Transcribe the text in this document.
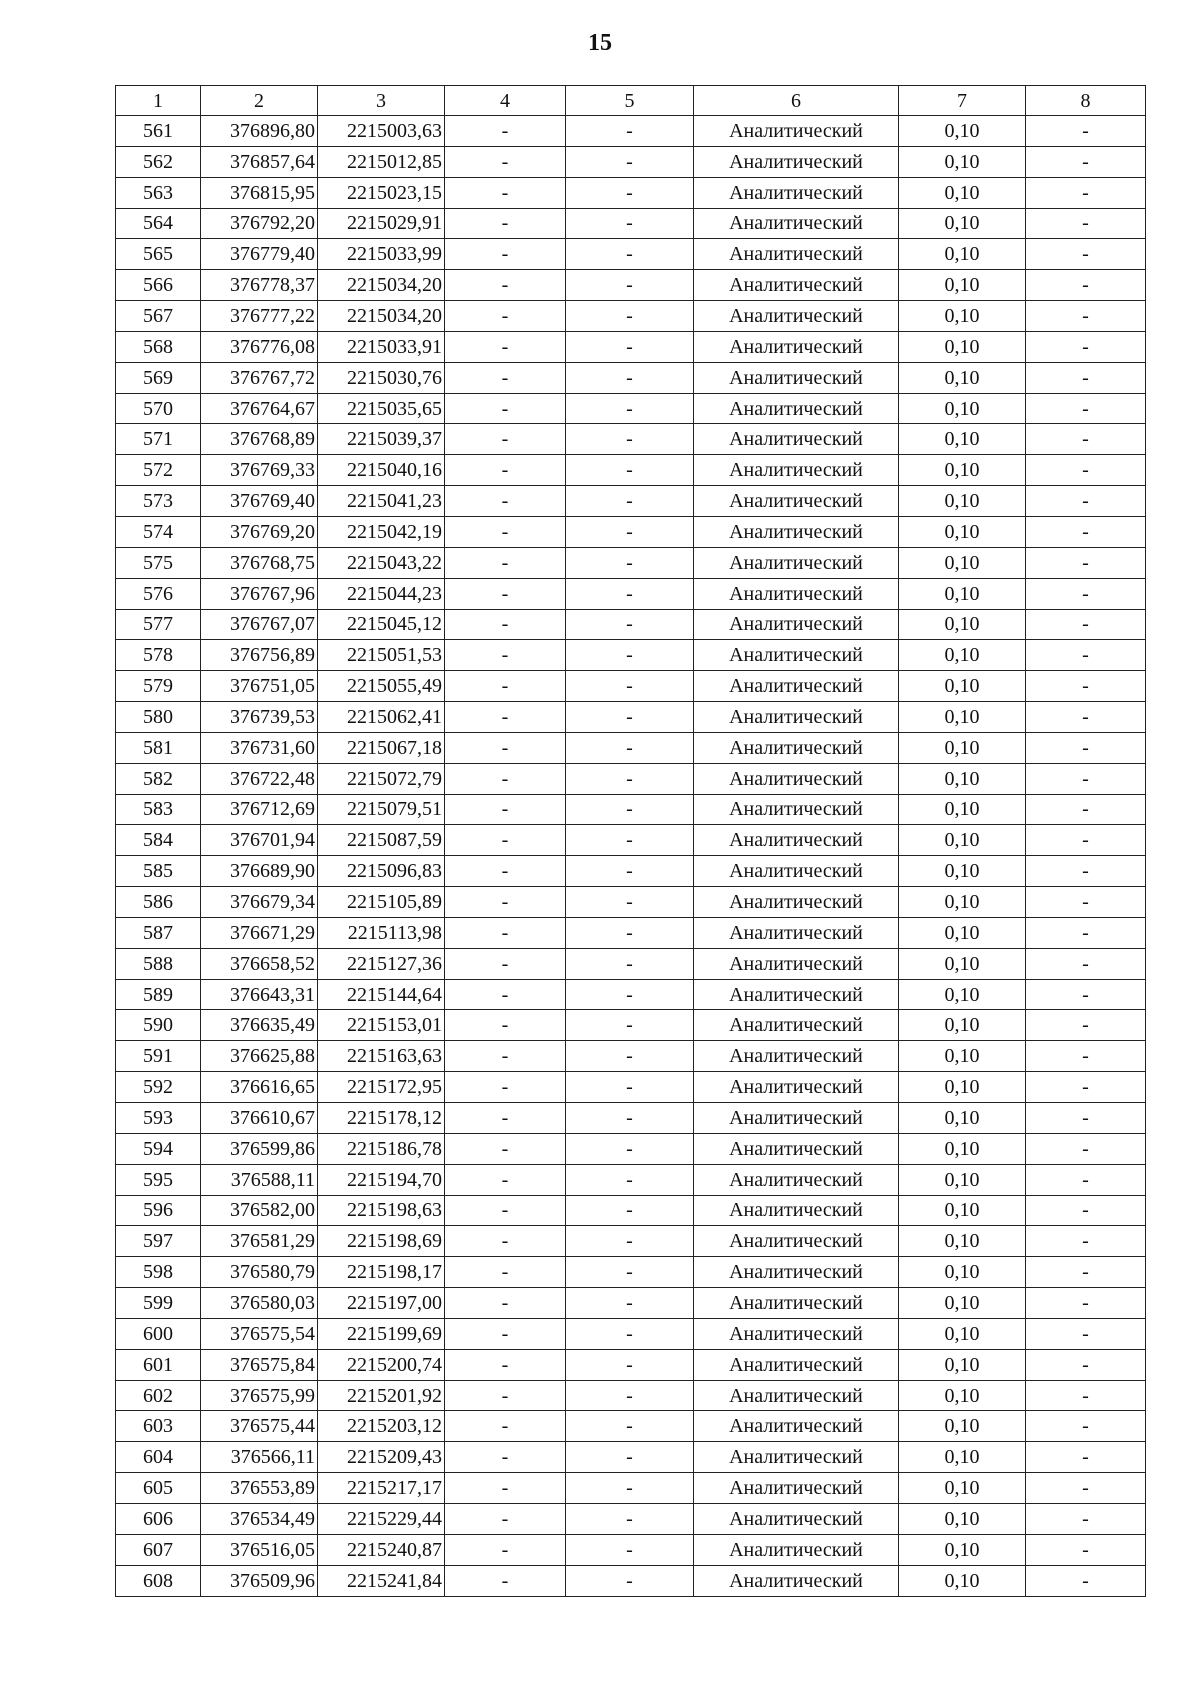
15
1	2	3	4	5	6	7	8
561	376896,80	2215003,63	-	-	Аналитический	0,10	-
562	376857,64	2215012,85	-	-	Аналитический	0,10	-
563	376815,95	2215023,15	-	-	Аналитический	0,10	-
564	376792,20	2215029,91	-	-	Аналитический	0,10	-
565	376779,40	2215033,99	-	-	Аналитический	0,10	-
566	376778,37	2215034,20	-	-	Аналитический	0,10	-
567	376777,22	2215034,20	-	-	Аналитический	0,10	-
568	376776,08	2215033,91	-	-	Аналитический	0,10	-
569	376767,72	2215030,76	-	-	Аналитический	0,10	-
570	376764,67	2215035,65	-	-	Аналитический	0,10	-
571	376768,89	2215039,37	-	-	Аналитический	0,10	-
572	376769,33	2215040,16	-	-	Аналитический	0,10	-
573	376769,40	2215041,23	-	-	Аналитический	0,10	-
574	376769,20	2215042,19	-	-	Аналитический	0,10	-
575	376768,75	2215043,22	-	-	Аналитический	0,10	-
576	376767,96	2215044,23	-	-	Аналитический	0,10	-
577	376767,07	2215045,12	-	-	Аналитический	0,10	-
578	376756,89	2215051,53	-	-	Аналитический	0,10	-
579	376751,05	2215055,49	-	-	Аналитический	0,10	-
580	376739,53	2215062,41	-	-	Аналитический	0,10	-
581	376731,60	2215067,18	-	-	Аналитический	0,10	-
582	376722,48	2215072,79	-	-	Аналитический	0,10	-
583	376712,69	2215079,51	-	-	Аналитический	0,10	-
584	376701,94	2215087,59	-	-	Аналитический	0,10	-
585	376689,90	2215096,83	-	-	Аналитический	0,10	-
586	376679,34	2215105,89	-	-	Аналитический	0,10	-
587	376671,29	2215113,98	-	-	Аналитический	0,10	-
588	376658,52	2215127,36	-	-	Аналитический	0,10	-
589	376643,31	2215144,64	-	-	Аналитический	0,10	-
590	376635,49	2215153,01	-	-	Аналитический	0,10	-
591	376625,88	2215163,63	-	-	Аналитический	0,10	-
592	376616,65	2215172,95	-	-	Аналитический	0,10	-
593	376610,67	2215178,12	-	-	Аналитический	0,10	-
594	376599,86	2215186,78	-	-	Аналитический	0,10	-
595	376588,11	2215194,70	-	-	Аналитический	0,10	-
596	376582,00	2215198,63	-	-	Аналитический	0,10	-
597	376581,29	2215198,69	-	-	Аналитический	0,10	-
598	376580,79	2215198,17	-	-	Аналитический	0,10	-
599	376580,03	2215197,00	-	-	Аналитический	0,10	-
600	376575,54	2215199,69	-	-	Аналитический	0,10	-
601	376575,84	2215200,74	-	-	Аналитический	0,10	-
602	376575,99	2215201,92	-	-	Аналитический	0,10	-
603	376575,44	2215203,12	-	-	Аналитический	0,10	-
604	376566,11	2215209,43	-	-	Аналитический	0,10	-
605	376553,89	2215217,17	-	-	Аналитический	0,10	-
606	376534,49	2215229,44	-	-	Аналитический	0,10	-
607	376516,05	2215240,87	-	-	Аналитический	0,10	-
608	376509,96	2215241,84	-	-	Аналитический	0,10	-
